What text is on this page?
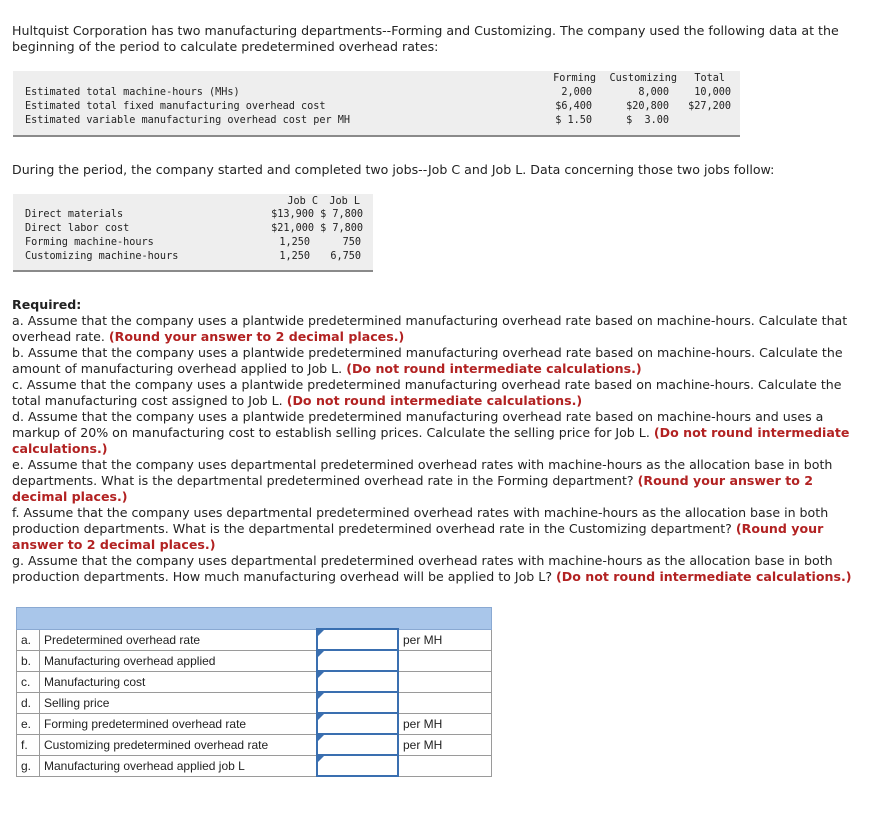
Hultquist Corporation has two manufacturing departments--Forming and Customizing. The company used the following data at the beginning of the period to calculate predetermined overhead rates:
Forming	Customizing	Total
Estimated total machine-hours (MHs)	2,000	8,000	10,000
Estimated total fixed manufacturing overhead cost	$6,400	$20,800	$27,200
Estimated variable manufacturing overhead cost per MH	$ 1.50	$  3.00
During the period, the company started and completed two jobs--Job C and Job L. Data concerning those two jobs follow:
Job C	Job L
Direct materials	$13,900 $ 7,800
Direct labor cost	$21,000 $ 7,800
Forming machine-hours	1,250	750
Customizing machine-hours	1,250	6,750
Required:
a. Assume that the company uses a plantwide predetermined manufacturing overhead rate based on machine-hours. Calculate that overhead rate. (Round your answer to 2 decimal places.)
b. Assume that the company uses a plantwide predetermined manufacturing overhead rate based on machine-hours. Calculate the amount of manufacturing overhead applied to Job L. (Do not round intermediate calculations.)
c. Assume that the company uses a plantwide predetermined manufacturing overhead rate based on machine-hours. Calculate the total manufacturing cost assigned to Job L. (Do not round intermediate calculations.)
d. Assume that the company uses a plantwide predetermined manufacturing overhead rate based on machine-hours and uses a markup of 20% on manufacturing cost to establish selling prices. Calculate the selling price for Job L. (Do not round intermediate calculations.)
e. Assume that the company uses departmental predetermined overhead rates with machine-hours as the allocation base in both departments. What is the departmental predetermined overhead rate in the Forming department? (Round your answer to 2 decimal places.)
f. Assume that the company uses departmental predetermined overhead rates with machine-hours as the allocation base in both production departments. What is the departmental predetermined overhead rate in the Customizing department? (Round your answer to 2 decimal places.)
g. Assume that the company uses departmental predetermined overhead rates with machine-hours as the allocation base in both production departments. How much manufacturing overhead will be applied to Job L? (Do not round intermediate calculations.)

a.	Predetermined overhead rate		per MH
b.	Manufacturing overhead applied	

c.	Manufacturing cost	

d.	Selling price	

e.	Forming predetermined overhead rate		per MH
f.	Customizing predetermined overhead rate		per MH
g.	Manufacturing overhead applied job L	
